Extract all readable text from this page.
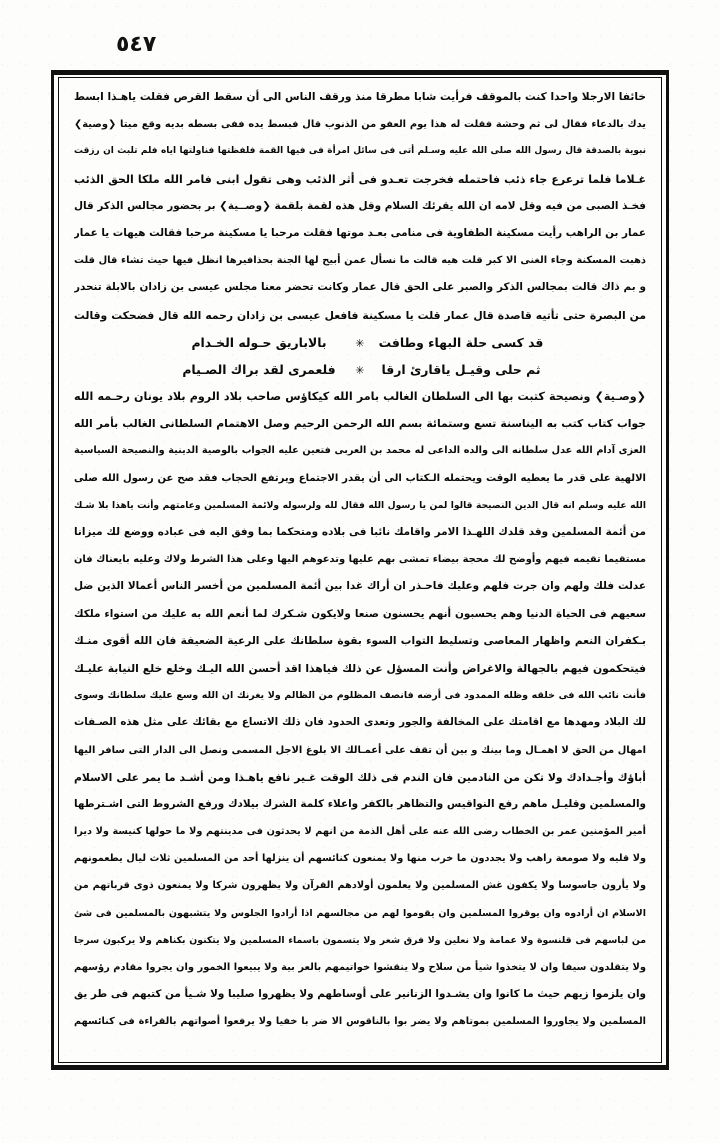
٥٤٧
خائفا الارجلا واحدا كنت بالموقف فرأيت شابا مطرقا منذ ورقف الناس الى أن سقط القرص فقلت ياهـذا ابسط
يدك بالدعاء فقال لى ثم وحشة فقلت له هذا يوم العفو من الذنوب قال فبسط يده ففى بسطه بديه وقع ميتا ❮وصية❯
نبوية بالصدقة قال رسول الله صلى الله عليه وسـلم أتى فى سائل امرأة فى فيها القمة فلفظتها فناولتها اياه فلم تلبث ان رزقت
غـلاما فلما ترعرع جاء ذئب فاحتمله فخرجت تعـدو فى أثر الذئب وهى تقول ابنى فامر الله ملكا الحق الذئب
فخـذ الصبى من فيه وقل لامه ان الله يقرئك السلام وقل هذه لقمة بلقمة ❮وصــية❯ بر بحضور مجالس الذكر قال
عمار بن الراهب رأيت مسكينة الطفاوية فى منامى بعـد موتها فقلت مرحبا يا مسكينة مرحبا فقالت هيهات يا عمار
ذهبت المسكنة وجاء الغنى الا كبر قلت هيه قالت ما نسأل عمن أبيح لها الجنة بحذافيرها انظل فيها حيث تشاء قال قلت
و بم ذاك قالت بمجالس الذكر والصبر على الحق قال عمار وكانت تحضر معنا مجلس عيسى بن زادان بالابلة تنحدر
من البصرة حتى تأتيه قاصدة قال عمار قلت يا مسكينة فافعل عيسى بن زادان رحمه الله قال فضحكت وقالت
قد كسى حلة البهاء وطافت✳بالاباريق حـوله الخـدام
ثم حلى وقيـل ياقارئ ارقا✳فلعمرى لقد براك الصـيام
❮وصـية❯ ونصيحة كتبت بها الى السلطان الغالب بامر الله كيكاؤس صاحب بلاد الروم بلاد يونان رحـمه الله
جواب كتاب كتب به اليناسنة تسع وستمائة بسم الله الرحمن الرحيم وصل الاهتمام السلطانى الغالب بأمر الله
العزى آدام الله عدل سلطانه الى والده الداعى له محمد بن العربى فتعين عليه الجواب بالوصية الدينية والنصيحة السياسية
الالهية على قدر ما يعطيه الوقت ويحتمله الـكتاب الى أن يقدر الاجتماع ويرتفع الحجاب فقد صح عن رسول الله صلى
الله عليه وسلم انه قال الدين النصيحة قالوا لمن يا رسول الله فقال لله ولرسوله ولائمة المسلمين وعامتهم وأنت ياهذا بلا شـك
من أئمة المسلمين وقد قلدك اللهـذا الامر واقامك نائبا فى بلاده ومتحكما بما وفق اليه فى عباده ووضع لك ميزانا
مستقيما تقيمه فيهم وأوضح لك محجة بيضاء تمشى بهم عليها وتدعوهم اليها وعلى هذا الشرط ولاك وعليه بايعناك فان
عدلت فلك ولهم وان جرت فلهم وعليك فاحـذر ان أراك غدا بين أئمة المسلمين من أخسر الناس أعمالا الذين ضل
سعيهم فى الحياة الدنيا وهم يحسبون أنهم يحسنون صنعا ولايكون شـكرك لما أنعم الله به عليك من استواء ملكك
بـكفران النعم واظهار المعاصى وتسليط التواب السوء بقوة سلطانك على الرعية الضعيفة فان الله أقوى منـك
فيتحكمون فيهم بالجهالة والاغراض وأنت المسؤل عن ذلك فياهذا اقد أحسن الله اليـك وخلع خلع النيابة عليـك
فأنت نائب الله فى خلقه وظله الممدود فى أرضه فانصف المظلوم من الظالم ولا يغرنك ان الله وسع عليك سلطانك وسوى
لك البلاد ومهدها مع اقامتك على المخالفة والجور وتعدى الحدود فان ذلك الاتساع مع بقائك على مثل هذه الصـفات
امهال من الحق لا اهمـال وما بينك و بين أن تقف على أعمـالك الا بلوغ الاجل المسمى ونصل الى الدار التى سافر اليها
أباؤك وأجـدادك ولا تكن من النادمين فان الندم فى ذلك الوقت غـير نافع ياهـذا ومن أشـد ما يمر على الاسلام
والمسلمين وقليـل ماهم رفع النواقيس والتظاهر بالكفر واعلاء كلمة الشرك بيلادك ورفع الشروط التى اشـترطها
أمير المؤمنين عمر بن الخطاب رضى الله عنه على أهل الذمة من انهم لا يحدثون فى مدينتهم ولا ما حولها كنيسة ولا ديرا
ولا قليه ولا صومعة راهب ولا يجددون ما خرب منها ولا يمنعون كنائسهم أن ينزلها أحد من المسلمين ثلاث ليال يطعمونهم
ولا يأرون جاسوسا ولا يكفون غش المسلمين ولا يعلمون أولادهم القرآن ولا يظهرون شركا ولا يمنعون ذوى قرباتهم من
الاسلام ان أرادوه وان يوقروا المسلمين وان يقوموا لهم من مجالسهم اذا أرادوا الجلوس ولا يتشبهون بالمسلمين فى شئ
من لباسهم فى قلنسوة ولا عمامة ولا نعلين ولا فرق شعر ولا يتسمون باسماء المسلمين ولا يتكنون بكناهم ولا يركبون سرجا
ولا يتقلدون سيفا وان لا يتخذوا شيأ من سلاح ولا ينقشوا خواتيمهم بالعر بية ولا يبيعوا الخمور وان يجروا مقادم رؤسهم
وان يلزموا زيهم حيث ما كانوا وان يشـدوا الزنانير على أوساطهم ولا يظهروا صليبا ولا شـيأ من كتبهم فى طر يق
المسلمين ولا يجاوروا المسلمين بموتاهم ولا يضر بوا بالناقوس الا ضر با خفيا ولا يرفعوا أصواتهم بالقراءة فى كنائسهم
